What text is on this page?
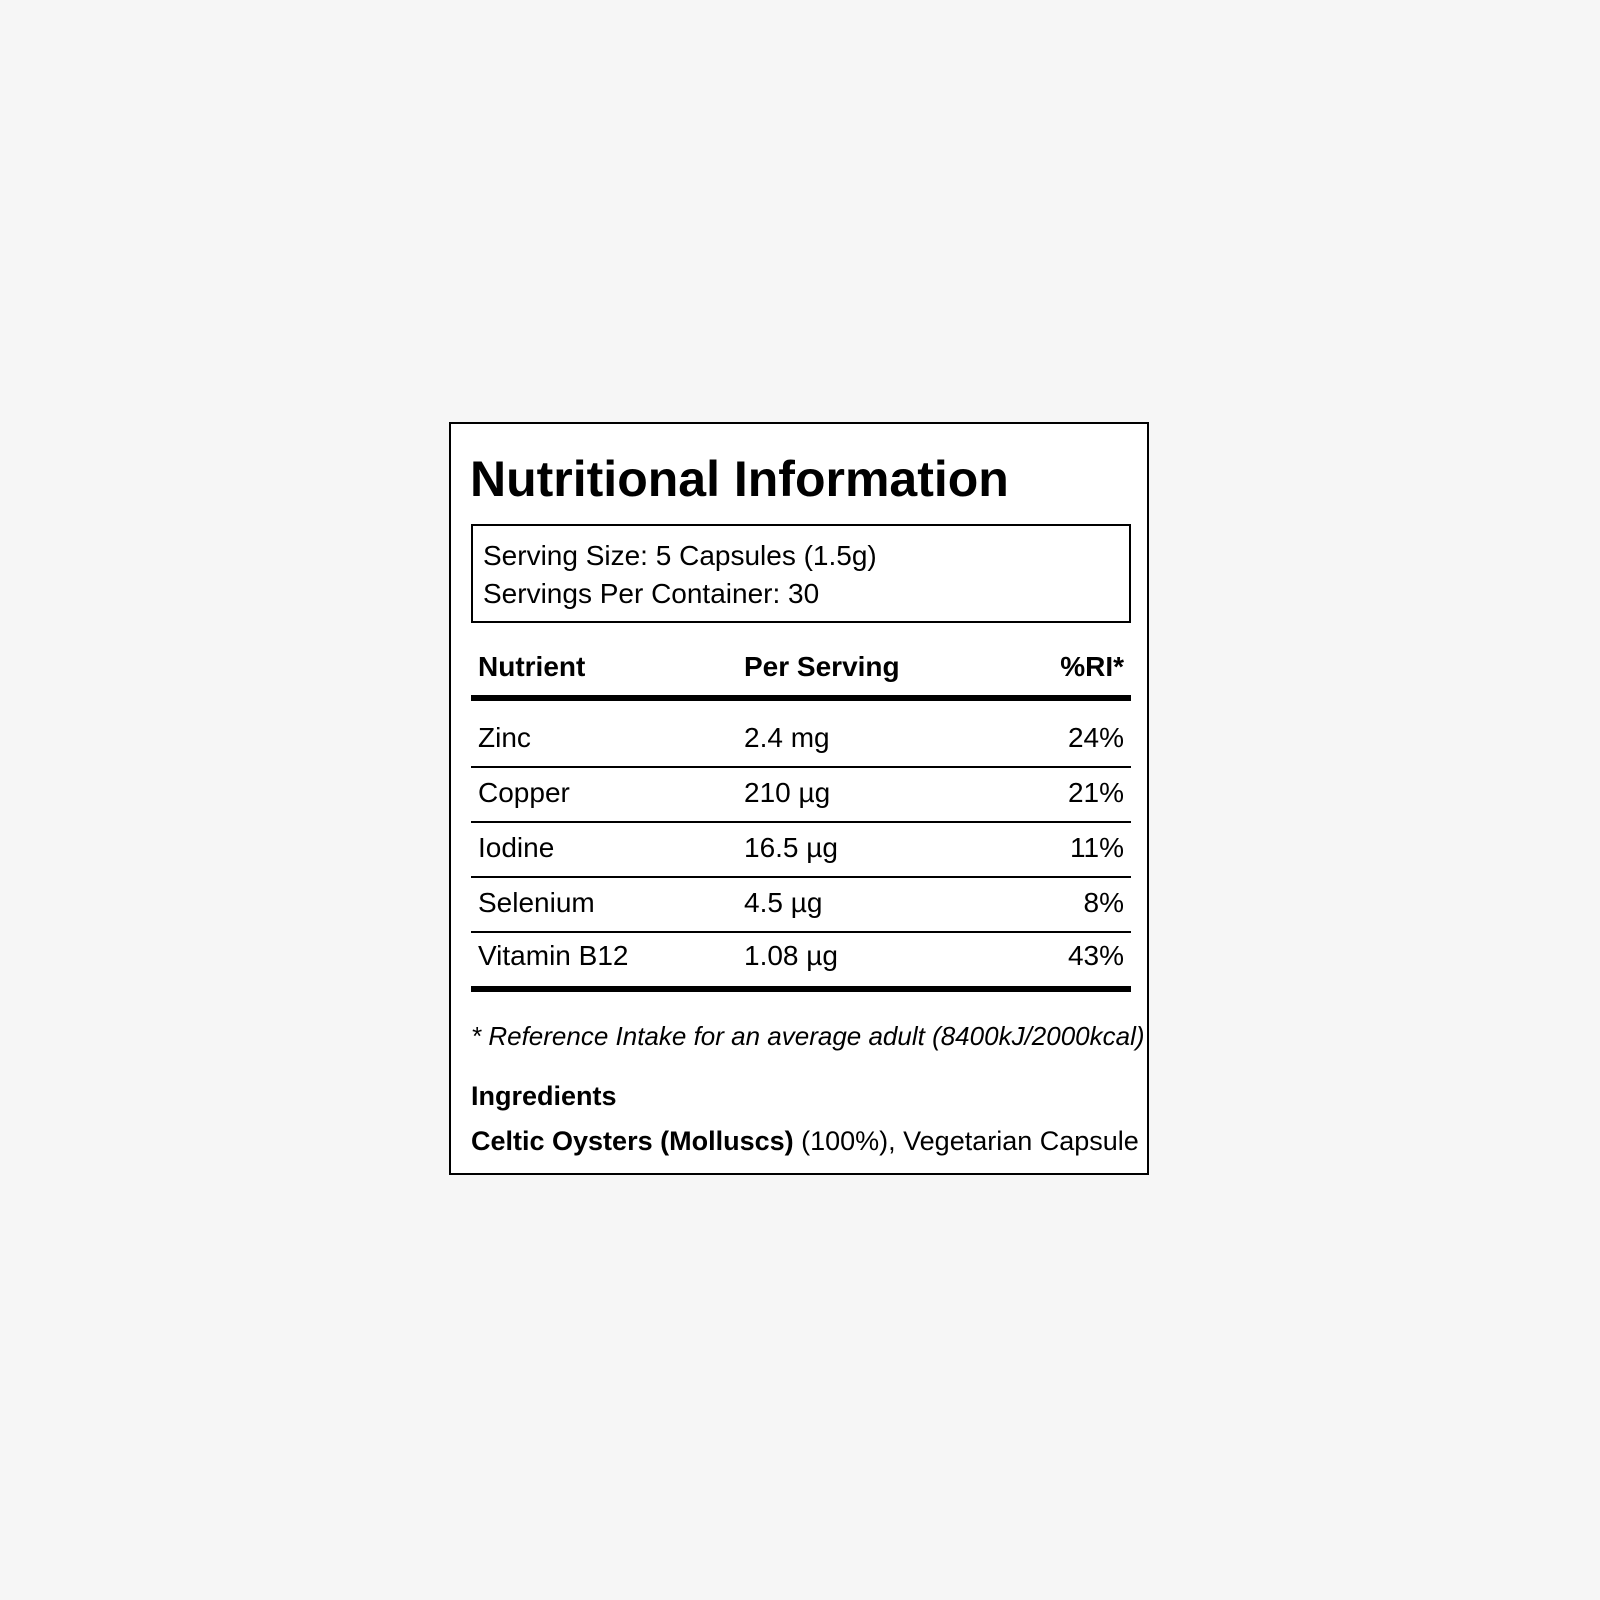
Nutritional Information
Serving Size: 5 Capsules (1.5g)
Servings Per Container: 30
Nutrient	Per Serving	%RI*
Zinc	2.4 mg	24%
Copper	210 µg	21%
Iodine	16.5 µg	11%
Selenium	4.5 µg	8%
Vitamin B12	1.08 µg	43%
* Reference Intake for an average adult (8400kJ/2000kcal)
Ingredients
Celtic Oysters (Molluscs) (100%), Vegetarian Capsule
